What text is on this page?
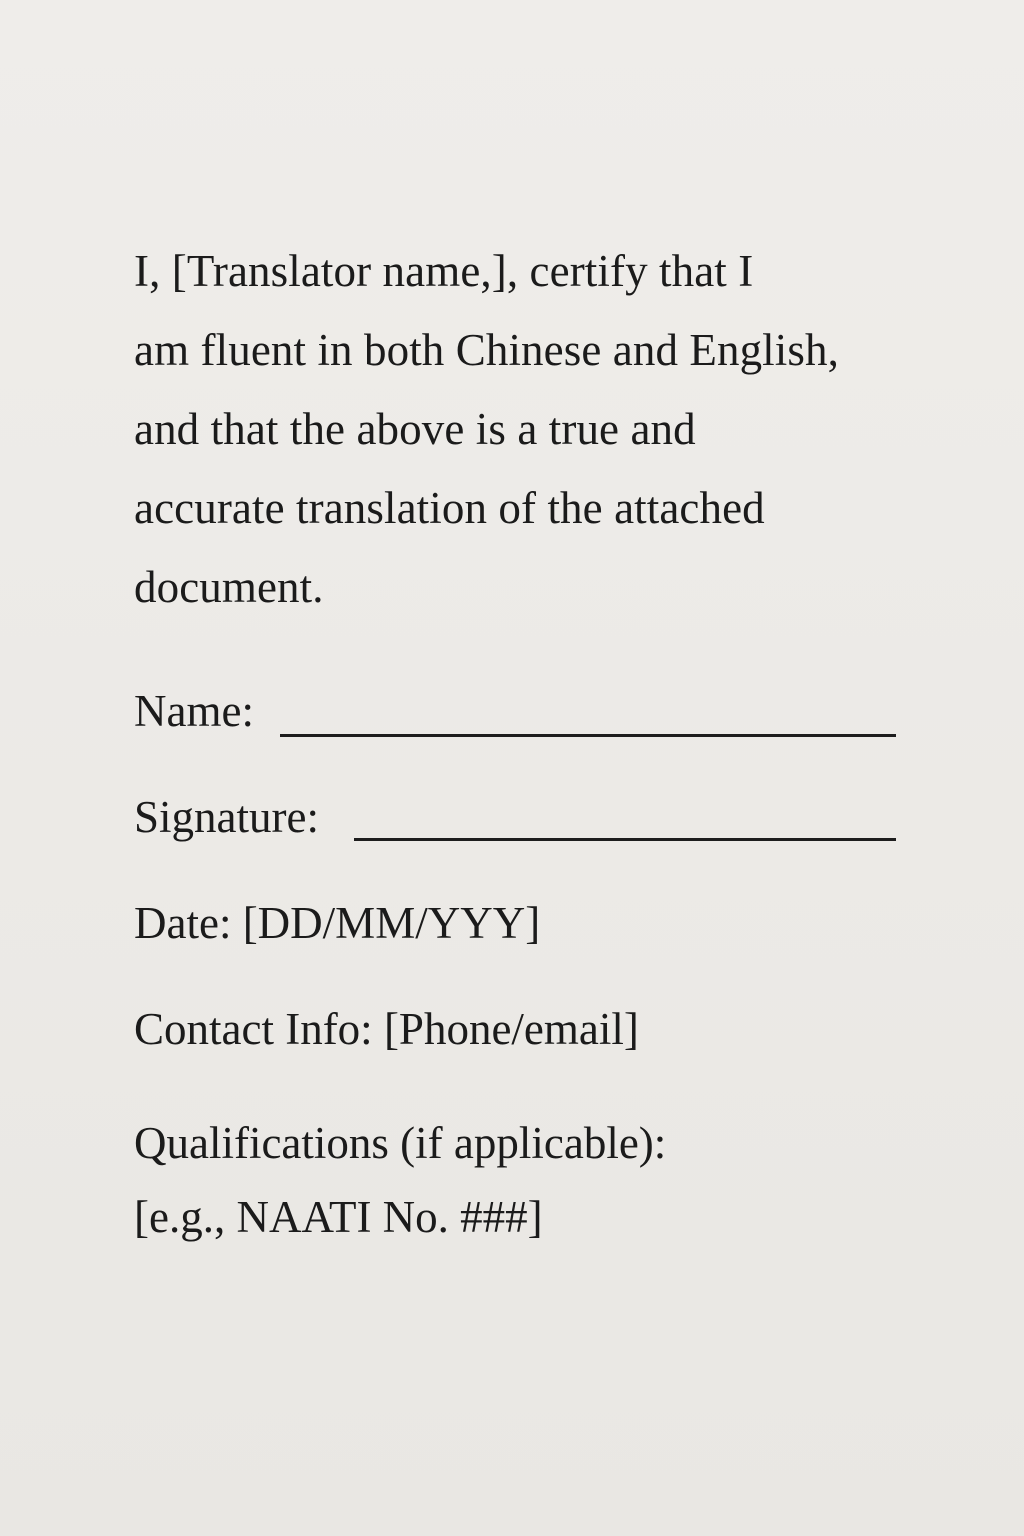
I, [Translator name,], certify that I
am fluent in both Chinese and English,
and that the above is a true and
accurate translation of the attached
document.

Name:
Signature:
Date: [DD/MM/YYY]
Contact Info: [Phone/email]
Qualifications (if applicable):
[e.g., NAATI No. ###]
